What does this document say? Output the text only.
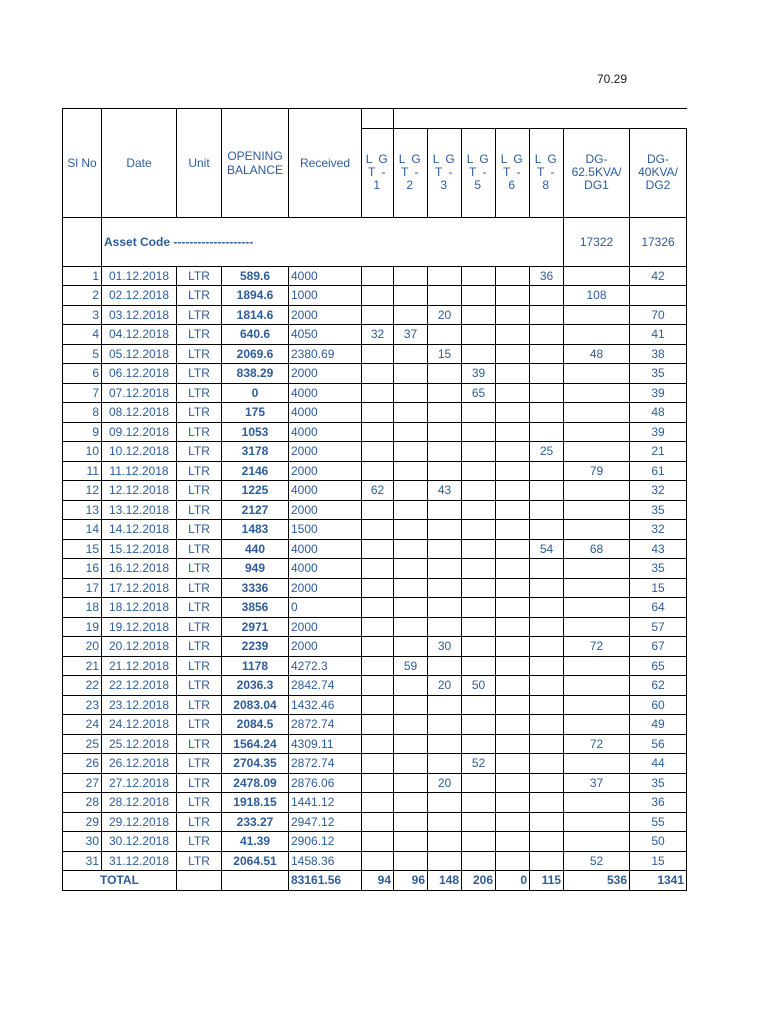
70.29
Sl No	Date	Unit	OPENING BALANCE	Received								
					L G T - 1	L G T - 2	L G T - 3	L G T - 5	L G T - 6	L G T - 8	DG-62.5KVA/ DG1	DG-40KVA/ DG2
	Asset Code --------------------										17322	17326
1	01.12.2018	LTR	589.6	4000						36		42
2	02.12.2018	LTR	1894.6	1000							108	
3	03.12.2018	LTR	1814.6	2000			20					70
4	04.12.2018	LTR	640.6	4050	32	37						41
5	05.12.2018	LTR	2069.6	2380.69			15				48	38
6	06.12.2018	LTR	838.29	2000				39				35
7	07.12.2018	LTR	0	4000				65				39
8	08.12.2018	LTR	175	4000								48
9	09.12.2018	LTR	1053	4000								39
10	10.12.2018	LTR	3178	2000						25		21
11	11.12.2018	LTR	2146	2000							79	61
12	12.12.2018	LTR	1225	4000	62		43					32
13	13.12.2018	LTR	2127	2000								35
14	14.12.2018	LTR	1483	1500								32
15	15.12.2018	LTR	440	4000						54	68	43
16	16.12.2018	LTR	949	4000								35
17	17.12.2018	LTR	3336	2000								15
18	18.12.2018	LTR	3856	0								64
19	19.12.2018	LTR	2971	2000								57
20	20.12.2018	LTR	2239	2000			30				72	67
21	21.12.2018	LTR	1178	4272.3		59						65
22	22.12.2018	LTR	2036.3	2842.74			20	50				62
23	23.12.2018	LTR	2083.04	1432.46								60
24	24.12.2018	LTR	2084.5	2872.74								49
25	25.12.2018	LTR	1564.24	4309.11							72	56
26	26.12.2018	LTR	2704.35	2872.74				52				44
27	27.12.2018	LTR	2478.09	2876.06			20				37	35
28	28.12.2018	LTR	1918.15	1441.12								36
29	29.12.2018	LTR	233.27	2947.12								55
30	30.12.2018	LTR	41.39	2906.12								50
31	31.12.2018	LTR	2064.51	1458.36							52	15
TOTAL				83161.56	94	96	148	206	0	115	536	1341
